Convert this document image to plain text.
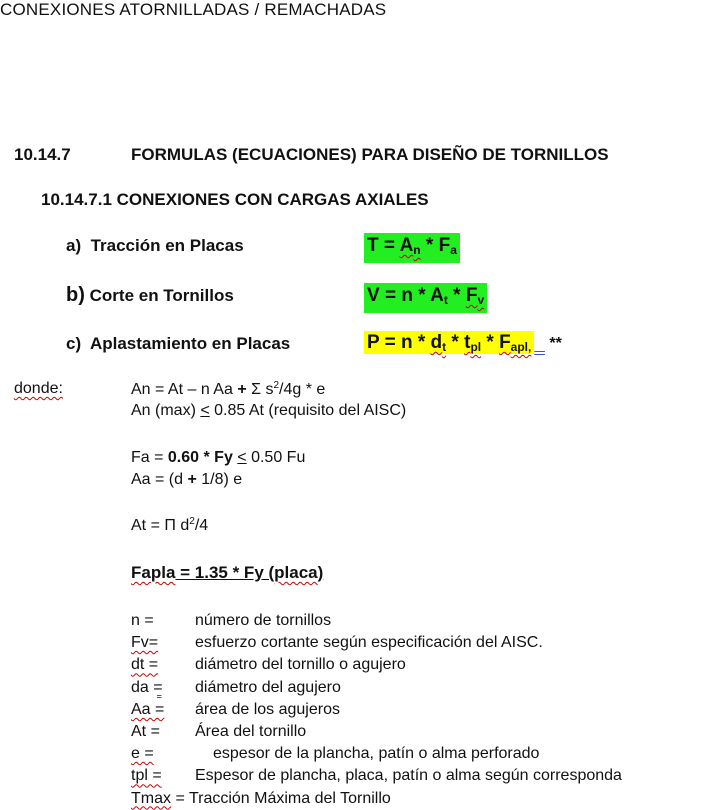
CONEXIONES ATORNILLADAS / REMACHADAS
10.14.7	FORMULAS (ECUACIONES) PARA DISEÑO DE TORNILLOS
10.14.7.1 CONEXIONES CON CARGAS AXIALES
a) Tracción en Placas	$T = A_n * F_a$
b) Corte en Tornillos	$V = n * A_t * F_v$
c) Aplastamiento en Placas	$P = n * d_t * t_{pl} * F_{apl,}$ **
donde:	An = At – n Aa + Σ $s^2/4g$ * e
An (max) < 0.85 At (requisito del AISC)
Fa = 0.60 * Fy < 0.50 Fu
Aa = (d + 1/8) e
At = Π $d^2/4$
Fapla = 1.35 * Fy (placa)
n =	número de tornillos
Fv= esfuerzo cortante según especificación del AISC.
dt = diámetro del tornillo o agujero
da = diámetro del agujero
Aa = área de los agujeros
At = Área del tornillo
e =	espesor de la plancha, patín o alma perforado
tpl = Espesor de plancha, placa, patín o alma según corresponda
Tmax = Tracción Máxima del Tornillo
